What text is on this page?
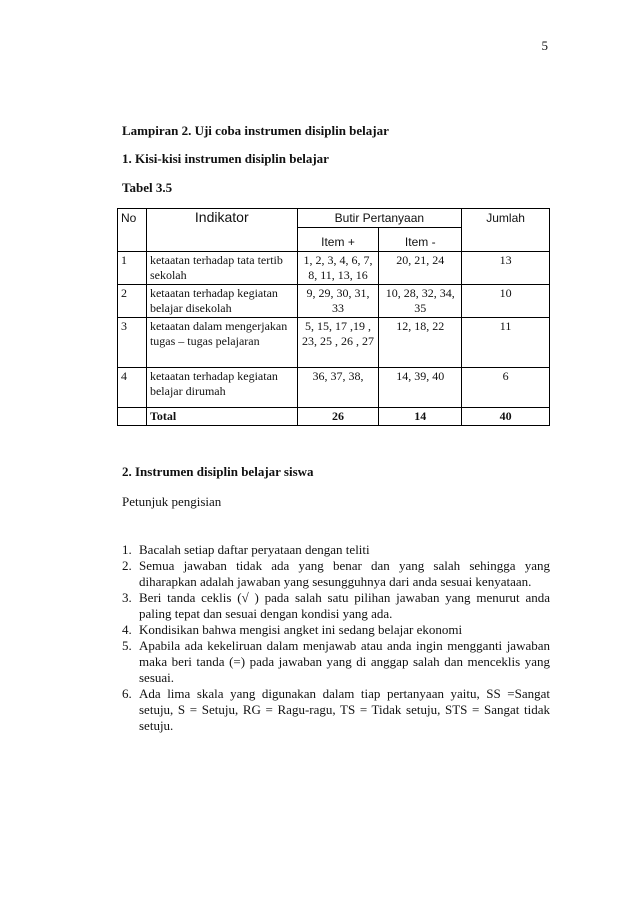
5
Lampiran 2. Uji coba instrumen disiplin belajar
1. Kisi-kisi instrumen disiplin belajar
Tabel 3.5
No	Indikator	Butir Pertanyaan		Jumlah
		Item +	Item -	
1	ketaatan terhadap tata tertib sekolah	1, 2, 3, 4, 6, 7, 8, 11, 13, 16	20, 21, 24	13
2	ketaatan terhadap kegiatan belajar disekolah	9, 29, 30, 31, 33	10, 28, 32, 34, 35	10
3	ketaatan dalam mengerjakan tugas – tugas pelajaran	5, 15, 17 ,19 , 23, 25 , 26 , 27	12, 18, 22	11
4	ketaatan terhadap kegiatan belajar dirumah	36, 37, 38,	14, 39, 40	6
	Total	26	14	40
2. Instrumen disiplin belajar siswa
Petunjuk pengisian
1. Bacalah setiap daftar peryataan dengan teliti
2. Semua jawaban tidak ada yang benar dan yang salah sehingga yang diharapkan adalah jawaban yang sesungguhnya dari anda sesuai kenyataan.
3. Beri tanda ceklis (√ ) pada salah satu pilihan jawaban yang menurut anda paling tepat dan sesuai dengan kondisi yang ada.
4. Kondisikan bahwa mengisi angket ini sedang belajar ekonomi
5. Apabila ada kekeliruan dalam menjawab atau anda ingin mengganti jawaban maka beri tanda (=) pada jawaban yang di anggap salah dan menceklis yang sesuai.
6. Ada lima skala yang digunakan dalam tiap pertanyaan yaitu, SS =Sangat setuju, S = Setuju, RG = Ragu-ragu, TS = Tidak setuju, STS = Sangat tidak setuju.
